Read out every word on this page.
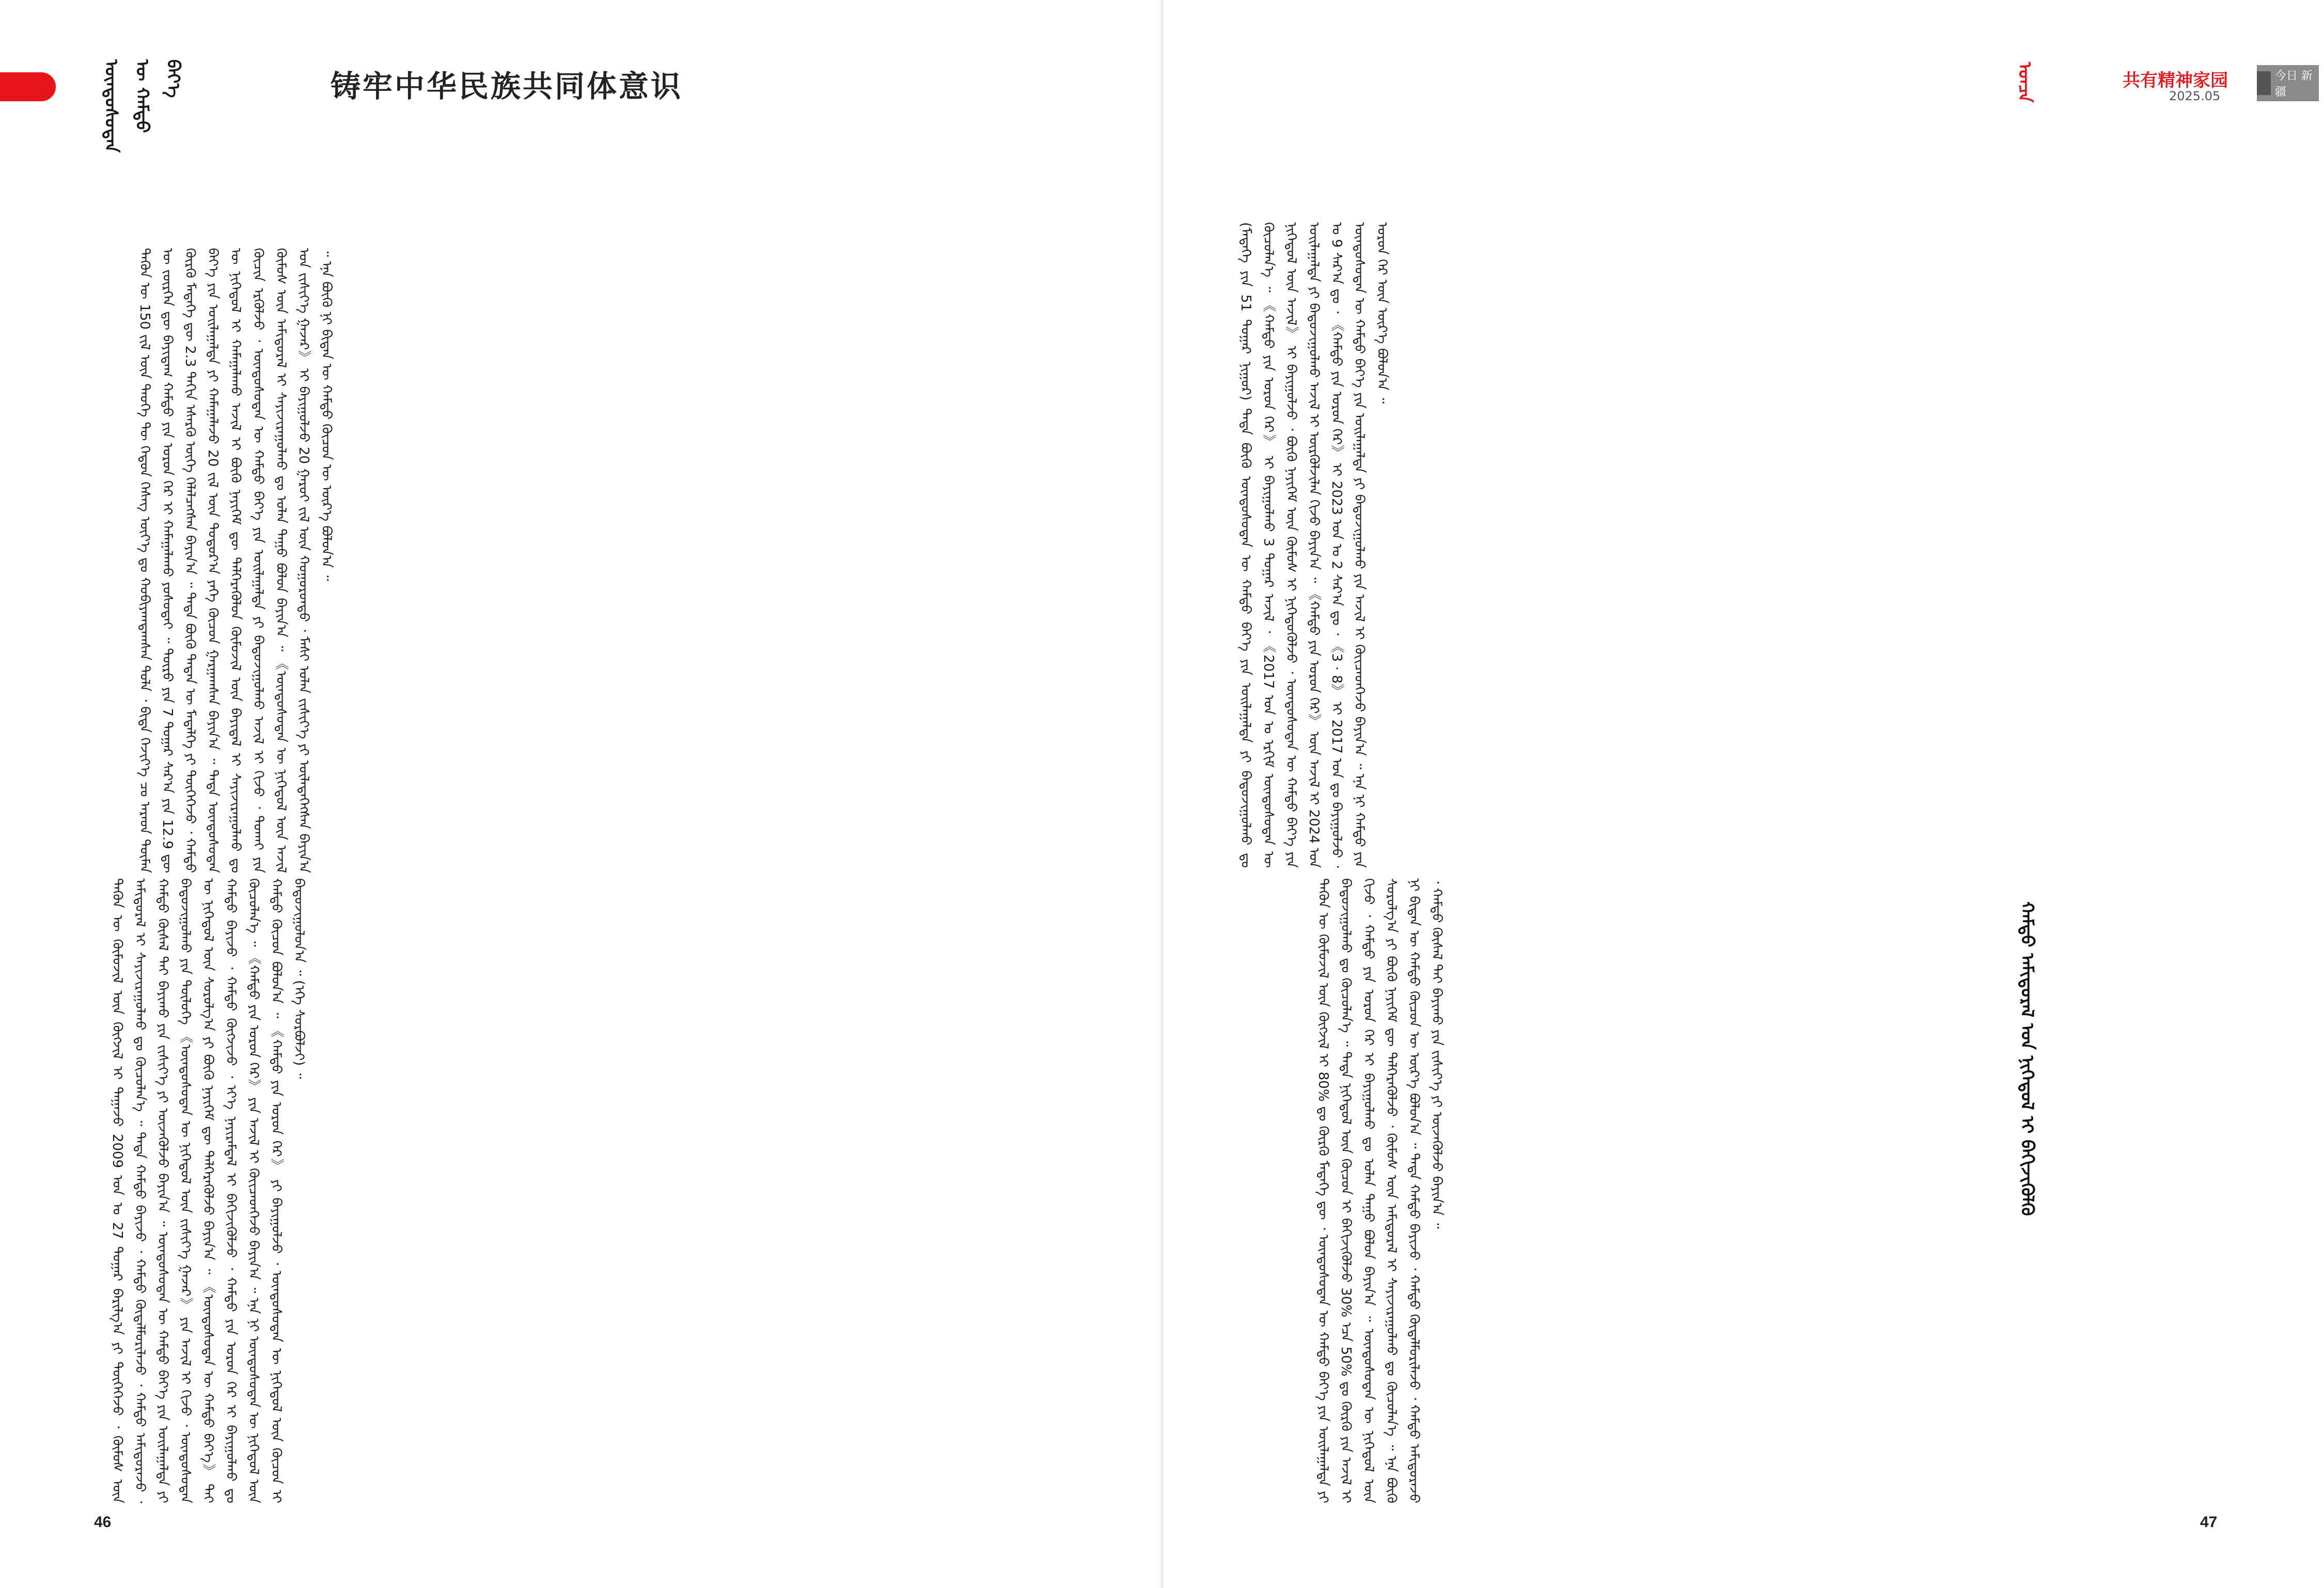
ᠦᠨᠳᠦᠰᠦᠲᠡᠨ ᠦ ᠬᠠᠮᠲᠤ ᠪᠡᠶ᠎ᠡ	铸牢中华民族共同体意识

ᠲᠡᠭᠦᠨ ᠦ 150 ᠵᠢᠯ ᠦᠨ ᠲᠡᠤᠬᠡ ᠲᠦ ᠬᠡᠳᠦᠨ ᠬᠡᠰᠡᠭ ᠦᠶ᠎ᠡ ᠳᠤ ᠬᠤᠪᠢᠶᠠᠭᠳᠠᠭᠰᠠᠨ ᠲᠤᠯᠠ ᠂ ᠪᠢᠳᠡ ᠬᠡᠵᠢᠶ᠎ᠡ ᠴᠤ ᠠᠷᠠᠳ ᠲᠦᠮᠡᠨ ᠦ ᠵᠦᠷᠬᠡᠨ ᠳᠦ ᠪᠠᠶᠢᠳᠠᠭ ᠬᠠᠮᠲᠤ ᠶᠢᠨ ᠤᠷᠤᠨ ᠭᠡᠷ ᠢ ᠬᠠᠮᠠᠭᠠᠯᠠᠬᠤ ᠶᠤᠰᠤᠲᠠᠢ ᠃ ᠲᠦᠷᠦ ᠶᠢᠨ 7 ᠳᠤᠭᠠᠷ ᠰᠠᠷ᠎ᠠ ᠶᠢᠨ 12.9 ᠳᠦ ᠬᠦᠷᠬᠦ ᠮᠡᠳᠡᠭᠡ ᠳᠦ 2.3 ᠳᠠᠬᠢᠨ ᠡᠰᠡᠷᠭᠦ ᠦᠭᠡ ᠬᠡᠯᠡᠯᠴᠡᠭᠰᠡᠨ ᠪᠠᠶᠢᠨ᠎ᠠ ᠃ ᠲᠡᠳᠡ ᠪᠦᠬᠦ ᠲᠡᠳᠡᠨ ᠦ ᠮᠡᠳᠡᠯᠭᠡ ᠶᠢ ᠲᠦᠭᠡᠭᠡᠵᠦ ᠂ ᠬᠠᠮᠲᠤ ᠪᠡᠶ᠎ᠡ ᠶᠢᠨ ᠤᠢᠯᠠᠭᠠᠯᠲᠠ ᠶᠢ ᠬᠠᠮᠠᠭᠠᠯᠠᠵᠤ 20 ᠵᠢᠯ ᠦᠨ ᠳᠤᠲᠤᠷ᠎ᠠ ᠶᠡᠬᠡ ᠬᠦᠴᠦᠨ ᠭᠠᠷᠭᠠᠭᠰᠠᠨ ᠪᠠᠶᠢᠨ᠎ᠠ ᠃ ᠲᠡᠳᠡ ᠦᠨᠳᠦᠰᠦᠲᠡᠨ ᠦ ᠨᠢᠭᠡᠳᠦᠯ ᠢ ᠬᠠᠮᠠᠭᠠᠯᠠᠬᠤ ᠠᠵᠢᠯ ᠢ ᠪᠦᠬᠦ ᠨᠡᠶᠢᠭᠡᠮ ᠳᠦ ᠳᠡᠯᠭᠡᠷᠡᠭᠦᠯᠦᠨ ᠬᠦᠮᠦᠵᠢᠯ ᠦᠨ ᠪᠠᠶᠢᠳᠠᠯ ᠢ ᠰᠠᠶᠢᠵᠢᠷᠠᠭᠤᠯᠬᠤ ᠳᠤ ᠬᠦᠴᠢᠨ ᠡᠷᠭᠦᠯᠵᠦ ᠂ ᠦᠨᠳᠦᠰᠦᠲᠡᠨ ᠦ ᠬᠠᠮᠲᠤ ᠪᠡᠶ᠎ᠡ ᠶᠢᠨ ᠤᠢᠯᠠᠭᠠᠯᠲᠠ ᠶᠢ ᠪᠠᠲᠤᠵᠢᠭᠤᠯᠬᠤ ᠠᠵᠢᠯ ᠢ ᠬᠢᠵᠦ ᠂ ᠲᠤᠬᠠᠶ ᠶᠢᠨ ᠬᠦᠮᠦᠰ ᠦᠨ ᠠᠮᠢᠳᠤᠷᠠᠯ ᠢ ᠰᠠᠶᠢᠵᠢᠷᠠᠭᠤᠯᠬᠤ ᠳᠤ ᠤᠯᠠᠨ ᠳᠠᠭᠤ ᠪᠤᠯᠤᠨ ᠪᠠᠶᠢᠨ᠎ᠠ ᠃ 《ᠦᠨᠳᠦᠰᠦᠲᠡᠨ ᠦ ᠨᠢᠭᠡᠳᠦᠯ ᠦᠨ ᠠᠵᠢᠯ ᠤᠨ ᠵᠢᠱᠢᠶ᠎ᠡ ᠭᠠᠵᠠᠷ》 ᠢ ᠪᠠᠶᠢᠭᠤᠯᠵᠤ 20 ᠭᠠᠷᠤᠢ ᠵᠢᠯ ᠦᠨ ᠬᠤᠭᠤᠷᠤᠨᠳᠤ ᠂ ᠮᠠᠰᠢ ᠣᠯᠠᠨ ᠵᠢᠱᠢᠶ᠎ᠡ ᠶᠢ ᠦᠯᠡᠳᠡᠭᠡᠭᠰᠡᠨ ᠪᠠᠶᠢᠨ᠎ᠠ ᠃ ᠡᠨᠡ ᠪᠦᠬᠦ ᠨᠢ ᠪᠢᠳᠡᠨ ᠦ ᠬᠠᠮᠲᠤ ᠬᠦᠴᠦᠨ ᠦ ᠦᠷ᠎ᠡ ᠪᠣᠯᠤᠨ᠎ᠠ ᠃

ᠲᠡᠭᠦᠨ ᠦ ᠬᠦᠮᠦᠵᠢᠯ ᠦᠨ ᠬᠥᠭᠵᠢᠯ ᠢ ᠳᠠᠭᠠᠵᠤ 2009 ᠣᠨ ᠤ 27 ᠳᠤᠭᠠᠷ ᠪᠠᠷᠢᠯᠭ᠎ᠠ ᠶᠢ ᠲᠦᠭᠡᠭᠡᠵᠦ ᠂ ᠬᠦᠮᠦᠰ ᠦᠨ ᠠᠮᠢᠳᠤᠷᠠᠯ ᠢ ᠰᠠᠶᠢᠵᠢᠷᠠᠭᠤᠯᠬᠤ ᠳᠤ ᠬᠦᠴᠦᠯᠡᠨ᠎ᠡ ᠃ ᠲᠡᠳᠡ ᠬᠠᠮᠲᠤ ᠪᠠᠶᠢᠵᠤ ᠂ ᠬᠠᠮᠲᠤ ᠬᠥᠳᠡᠯᠮᠦᠷᠢᠯᠡᠵᠦ ᠂ ᠬᠠᠮᠲᠤ ᠠᠮᠢᠳᠤᠷᠠᠵᠤ ᠂ ᠬᠠᠮᠲᠤ ᠬᠦᠰᠡᠯ ᠲᠡᠢ ᠪᠠᠶᠢᠬᠤ ᠶᠢᠨ ᠵᠢᠱᠢᠶ᠎ᠡ ᠶᠢ ᠦᠵᠡᠭᠦᠯᠵᠦ ᠪᠠᠶᠢᠨ᠎ᠠ ᠃ ᠦᠨᠳᠦᠰᠦᠲᠡᠨ ᠦ ᠬᠠᠮᠲᠤ ᠪᠡᠶ᠎ᠡ ᠶᠢᠨ ᠤᠢᠯᠠᠭᠠᠯᠲᠠ ᠶᠢ ᠪᠠᠲᠤᠵᠢᠭᠤᠯᠬᠤ ᠶᠢᠨ ᠲᠦᠯᠦᠭᠡ 《ᠦᠨᠳᠦᠰᠦᠲᠡᠨ ᠦ ᠨᠢᠭᠡᠳᠦᠯ ᠦᠨ ᠵᠢᠱᠢᠶ᠎ᠡ ᠭᠠᠵᠠᠷ》 ᠶᠢᠨ ᠠᠵᠢᠯ ᠢ ᠬᠢᠵᠦ ᠂ ᠦᠨᠳᠦᠰᠦᠲᠡᠨ ᠦ ᠨᠢᠭᠡᠳᠦᠯ ᠦᠨ ᠰᠤᠷᠤᠯᠭ᠎ᠠ ᠶᠢ ᠪᠦᠬᠦ ᠨᠡᠶᠢᠭᠡᠮ ᠳᠦ ᠳᠡᠯᠭᠡᠷᠡᠭᠦᠯᠵᠦ ᠪᠠᠶᠢᠨ᠎ᠠ ᠃ 《ᠦᠨᠳᠦᠰᠦᠲᠡᠨ ᠦ ᠬᠠᠮᠲᠤ ᠪᠡᠶ᠎ᠡ》 ᠲᠠᠢ ᠬᠠᠮᠲᠤ ᠪᠠᠶᠢᠵᠤ ᠂ ᠬᠠᠮᠲᠤ ᠬᠥᠭᠵᠢᠵᠦ ᠂ ᠡᠶ᠎ᠡ ᠨᠠᠶᠢᠷᠠᠮᠳᠠᠯ ᠢ ᠪᠡᠬᠢᠵᠢᠭᠦᠯᠵᠦ ᠂ ᠬᠠᠮᠲᠤ ᠶᠢᠨ ᠤᠷᠤᠨ ᠭᠡᠷ ᠢ ᠪᠠᠶᠢᠭᠤᠯᠬᠤ ᠳᠤ ᠬᠦᠴᠦᠯᠡᠨ᠎ᠡ ᠃ 《ᠬᠠᠮᠲᠤ ᠶᠢᠨ ᠤᠷᠤᠨ ᠭᠡᠷ》 ᠶᠢᠨ ᠠᠵᠢᠯ ᠢ ᠭᠦᠢᠴᠡᠳᠭᠡᠵᠦ ᠪᠠᠶᠢᠨ᠎ᠠ ᠃ ᠡᠨᠡ ᠨᠢ ᠦᠨᠳᠦᠰᠦᠲᠡᠨ ᠦ ᠨᠢᠭᠡᠳᠦᠯ ᠦᠨ ᠬᠠᠮᠲᠤ ᠬᠦᠴᠦᠨ ᠪᠣᠯᠤᠨ᠎ᠠ ᠃ 《ᠬᠠᠮᠲᠤ ᠶᠢᠨ ᠤᠷᠤᠨ ᠭᠡᠷ》 ᠶᠢ ᠪᠠᠶᠢᠭᠤᠯᠵᠤ ᠂ ᠦᠨᠳᠦᠰᠦᠲᠡᠨ ᠦ ᠨᠢᠭᠡᠳᠦᠯ ᠦᠨ ᠬᠦᠴᠦᠨ ᠢ ᠪᠠᠲᠤᠵᠢᠭᠤᠯᠤᠨ᠎ᠠ ᠃ (ᠡᠬᠡ ᠰᠤᠷᠪᠤᠯᠵᠢ) ᠃

46
ᠣᠨᠴᠠ	共有精神家园
2025.05
今日 新疆

(ᠮᠡᠳᠡᠭᠡ ᠶᠢᠨ 51 ᠳᠤᠭᠠᠷ ᠨᠢᠭᠤᠷ) ᠲᠡᠳᠡ ᠪᠦᠬᠦ ᠦᠨᠳᠦᠰᠦᠲᠡᠨ ᠦ ᠬᠠᠮᠲᠤ ᠪᠡᠶ᠎ᠡ ᠶᠢᠨ ᠤᠢᠯᠠᠭᠠᠯᠲᠠ ᠶᠢ ᠪᠠᠲᠤᠵᠢᠭᠤᠯᠬᠤ ᠳᠤ ᠬᠦᠴᠦᠯᠡᠨ᠎ᠡ ᠃ 《ᠬᠠᠮᠲᠤ ᠶᠢᠨ ᠤᠷᠤᠨ ᠭᠡᠷ》 ᠢ ᠪᠠᠶᠢᠭᠤᠯᠬᠤ 3 ᠳᠤᠭᠠᠷ ᠠᠵᠢᠯ ᠂ 《2017 ᠣᠨ ᠤ ᠡᠷᠬᠢᠮ ᠦᠨᠳᠦᠰᠦᠲᠡᠨ ᠦ ᠨᠢᠭᠡᠳᠦᠯ ᠦᠨ ᠠᠵᠢᠯ》 ᠢ ᠪᠠᠶᠢᠭᠤᠯᠵᠤ ᠂ ᠪᠦᠬᠦ ᠨᠡᠶᠢᠭᠡᠮ ᠦᠨ ᠬᠦᠮᠦᠰ ᠢ ᠨᠢᠭᠡᠳᠦᠭᠦᠯᠵᠦ ᠂ ᠦᠨᠳᠦᠰᠦᠲᠡᠨ ᠦ ᠬᠠᠮᠲᠤ ᠪᠡᠶ᠎ᠡ ᠶᠢᠨ ᠤᠢᠯᠠᠭᠠᠯᠲᠠ ᠶᠢ ᠪᠠᠲᠤᠵᠢᠭᠤᠯᠬᠤ ᠠᠵᠢᠯ ᠢ ᠦᠷᠬᠦᠯᠵᠢᠯᠡᠨ ᠬᠢᠵᠦ ᠪᠠᠶᠢᠨ᠎ᠠ ᠃ 《ᠬᠠᠮᠲᠤ ᠶᠢᠨ ᠤᠷᠤᠨ ᠭᠡᠷ》 ᠦᠨ ᠠᠵᠢᠯ ᠢ 2024 ᠣᠨ ᠤ 9 ᠰᠠᠷ᠎ᠠ ᠳᠤ ᠂ 《ᠬᠠᠮᠲᠤ ᠶᠢᠨ ᠤᠷᠤᠨ ᠭᠡᠷ》 ᠢ 2023 ᠣᠨ ᠤ 2 ᠰᠠᠷ᠎ᠠ ᠳᠤ ᠂ 《3 · 8》 ᠢ 2017 ᠣᠨ ᠳᠤ ᠪᠠᠶᠢᠭᠤᠯᠵᠤ ᠂ ᠦᠨᠳᠦᠰᠦᠲᠡᠨ ᠦ ᠬᠠᠮᠲᠤ ᠪᠡᠶ᠎ᠡ ᠶᠢᠨ ᠤᠢᠯᠠᠭᠠᠯᠲᠠ ᠶᠢ ᠪᠠᠲᠤᠵᠢᠭᠤᠯᠬᠤ ᠶᠢᠨ ᠠᠵᠢᠯ ᠢ ᠭᠦᠢᠴᠡᠳᠭᠡᠵᠦ ᠪᠠᠶᠢᠨ᠎ᠠ ᠃ ᠡᠨᠡ ᠨᠢ ᠬᠠᠮᠲᠤ ᠶᠢᠨ ᠤᠷᠤᠨ ᠭᠡᠷ ᠦᠨ ᠦᠷ᠎ᠡ ᠪᠣᠯᠤᠨ᠎ᠠ ᠃

ᠬᠠᠮᠲᠤ ᠠᠮᠢᠳᠤᠷᠠᠯ ᠤᠨ ᠨᠢᠭᠡᠳᠦᠯ ᠢ ᠪᠡᠬᠢᠵᠢᠭᠦᠯᠬᠦ

ᠲᠡᠭᠦᠨ ᠦ ᠬᠦᠮᠦᠵᠢᠯ ᠦᠨ ᠬᠥᠭᠵᠢᠯ ᠢ 80% ᠳᠤ ᠬᠦᠷᠬᠦ ᠮᠡᠳᠡᠭᠡ ᠳᠦ ᠂ ᠦᠨᠳᠦᠰᠦᠲᠡᠨ ᠦ ᠬᠠᠮᠲᠤ ᠪᠡᠶ᠎ᠡ ᠶᠢᠨ ᠤᠢᠯᠠᠭᠠᠯᠲᠠ ᠶᠢ ᠪᠠᠲᠤᠵᠢᠭᠤᠯᠬᠤ ᠳᠤ ᠬᠦᠴᠦᠯᠡᠨ᠎ᠡ ᠃ ᠲᠡᠳᠡ ᠨᠢᠭᠡᠳᠦᠯ ᠦᠨ ᠬᠦᠴᠦᠨ ᠢ ᠪᠡᠬᠢᠵᠢᠭᠦᠯᠵᠦ 30% ᠡᠴᠡ 50% ᠳᠤ ᠬᠦᠷᠬᠦ ᠶᠢᠨ ᠠᠵᠢᠯ ᠢ ᠬᠢᠵᠦ ᠂ ᠬᠠᠮᠲᠤ ᠶᠢᠨ ᠤᠷᠤᠨ ᠭᠡᠷ ᠢ ᠪᠠᠶᠢᠭᠤᠯᠬᠤ ᠳᠤ ᠤᠯᠠᠨ ᠳᠠᠭᠤ ᠪᠤᠯᠤᠨ ᠪᠠᠶᠢᠨ᠎ᠠ ᠃ ᠦᠨᠳᠦᠰᠦᠲᠡᠨ ᠦ ᠨᠢᠭᠡᠳᠦᠯ ᠦᠨ ᠰᠤᠷᠤᠯᠭ᠎ᠠ ᠶᠢ ᠪᠦᠬᠦ ᠨᠡᠶᠢᠭᠡᠮ ᠳᠦ ᠳᠡᠯᠭᠡᠷᠡᠭᠦᠯᠵᠦ ᠂ ᠬᠦᠮᠦᠰ ᠦᠨ ᠠᠮᠢᠳᠤᠷᠠᠯ ᠢ ᠰᠠᠶᠢᠵᠢᠷᠠᠭᠤᠯᠬᠤ ᠳᠤ ᠬᠦᠴᠦᠯᠡᠨ᠎ᠡ ᠃ ᠡᠨᠡ ᠪᠦᠬᠦ ᠨᠢ ᠪᠢᠳᠡᠨ ᠦ ᠬᠠᠮᠲᠤ ᠬᠦᠴᠦᠨ ᠦ ᠦᠷ᠎ᠡ ᠪᠣᠯᠤᠨ᠎ᠠ ᠃ ᠲᠡᠳᠡ ᠬᠠᠮᠲᠤ ᠪᠠᠶᠢᠵᠤ ᠂ ᠬᠠᠮᠲᠤ ᠬᠥᠳᠡᠯᠮᠦᠷᠢᠯᠡᠵᠦ ᠂ ᠬᠠᠮᠲᠤ ᠠᠮᠢᠳᠤᠷᠠᠵᠤ ᠂ ᠬᠠᠮᠲᠤ ᠬᠦᠰᠡᠯ ᠲᠡᠢ ᠪᠠᠶᠢᠬᠤ ᠶᠢᠨ ᠵᠢᠱᠢᠶ᠎ᠡ ᠶᠢ ᠦᠵᠡᠭᠦᠯᠵᠦ ᠪᠠᠶᠢᠨ᠎ᠠ ᠃

47
